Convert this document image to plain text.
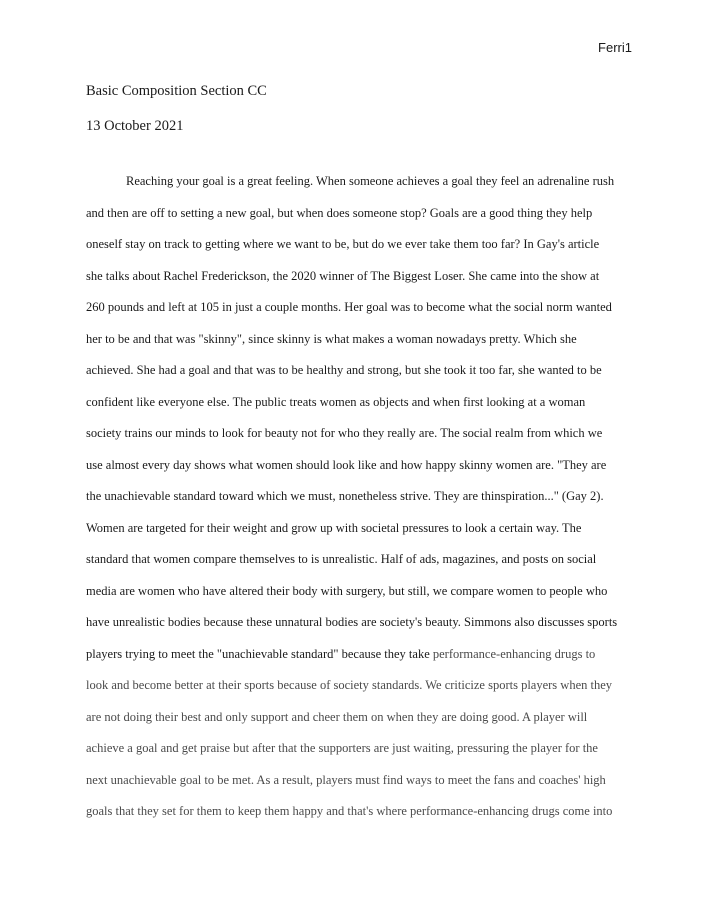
Ferri1
Basic Composition Section CC
13 October 2021
Reaching your goal is a great feeling. When someone achieves a goal they feel an adrenaline rush
and then are off to setting a new goal, but when does someone stop? Goals are a good thing they help
oneself stay on track to getting where we want to be, but do we ever take them too far? In Gay's article
she talks about Rachel Frederickson, the 2020 winner of The Biggest Loser. She came into the show at
260 pounds and left at 105 in just a couple months. Her goal was to become what the social norm wanted
her to be and that was "skinny", since skinny is what makes a woman nowadays pretty. Which she
achieved. She had a goal and that was to be healthy and strong, but she took it too far, she wanted to be
confident like everyone else. The public treats women as objects and when first looking at a woman
society trains our minds to look for beauty not for who they really are. The social realm from which we
use almost every day shows what women should look like and how happy skinny women are. "They are
the unachievable standard toward which we must, nonetheless strive. They are thinspiration..." (Gay 2).
Women are targeted for their weight and grow up with societal pressures to look a certain way. The
standard that women compare themselves to is unrealistic. Half of ads, magazines, and posts on social
media are women who have altered their body with surgery, but still, we compare women to people who
have unrealistic bodies because these unnatural bodies are society's beauty. Simmons also discusses sports
players trying to meet the "unachievable standard" because they take performance-enhancing drugs to
look and become better at their sports because of society standards. We criticize sports players when they
are not doing their best and only support and cheer them on when they are doing good. A player will
achieve a goal and get praise but after that the supporters are just waiting, pressuring the player for the
next unachievable goal to be met. As a result, players must find ways to meet the fans and coaches' high
goals that they set for them to keep them happy and that's where performance-enhancing drugs come into
